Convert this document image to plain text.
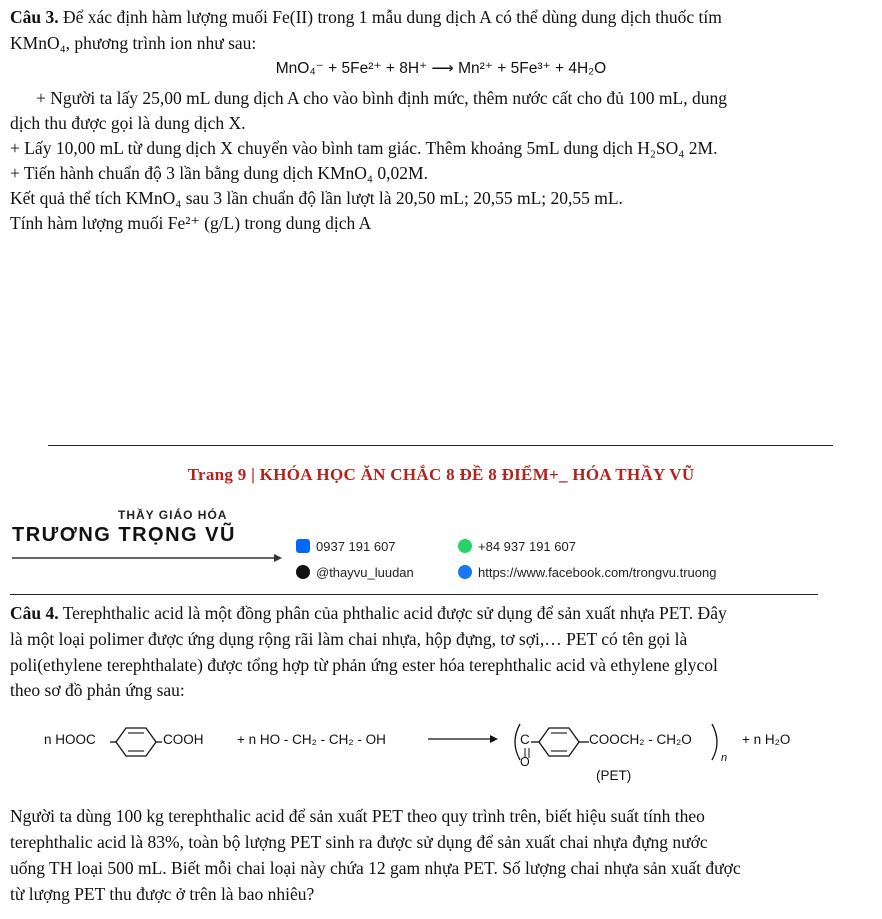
Câu 3. Để xác định hàm lượng muối Fe(II) trong 1 mẫu dung dịch A có thể dùng dung dịch thuốc tím
KMnO₄, phương trình ion như sau:
MnO₄⁻ + 5Fe²⁺ + 8H⁺ ⟶ Mn²⁺ + 5Fe³⁺ + 4H₂O
+ Người ta lấy 25,00 mL dung dịch A cho vào bình định mức, thêm nước cất cho đủ 100 mL, dung
dịch thu được gọi là dung dịch X.
+ Lấy 10,00 mL từ dung dịch X chuyển vào bình tam giác. Thêm khoảng 5mL dung dịch H₂SO₄ 2M.
+ Tiến hành chuẩn độ 3 lần bằng dung dịch KMnO₄ 0,02M.
Kết quả thể tích KMnO₄ sau 3 lần chuẩn độ lần lượt là 20,50 mL; 20,55 mL; 20,55 mL.
Tính hàm lượng muối Fe²⁺ (g/L) trong dung dịch A
Trang 9 | KHÓA HỌC ĂN CHẮC 8 ĐỀ 8 ĐIỂM+_ HÓA THẦY VŨ
THẦY GIÁO HÓA
TRƯƠNG TRỌNG VŨ
0937 191 607	+84 937 191 607
@thayvu_luudan	https://www.facebook.com/trongvu.truong
Câu 4. Terephthalic acid là một đồng phân của phthalic acid được sử dụng để sản xuất nhựa PET. Đây
là một loại polimer được ứng dụng rộng rãi làm chai nhựa, hộp đựng, tơ sợi,… PET có tên gọi là
poli(ethylene terephthalate) được tổng hợp từ phản ứng ester hóa terephthalic acid và ethylene glycol
theo sơ đồ phản ứng sau:
n HOOC	COOH + n HO - CH₂ - CH₂ - OH	C
O
COOCH₂ - CH₂O
n
+ n H₂O
(PET)
Người ta dùng 100 kg terephthalic acid để sản xuất PET theo quy trình trên, biết hiệu suất tính theo
terephthalic acid là 83%, toàn bộ lượng PET sinh ra được sử dụng để sản xuất chai nhựa đựng nước
uống TH loại 500 mL. Biết mỗi chai loại này chứa 12 gam nhựa PET. Số lượng chai nhựa sản xuất được
từ lượng PET thu được ở trên là bao nhiêu?
